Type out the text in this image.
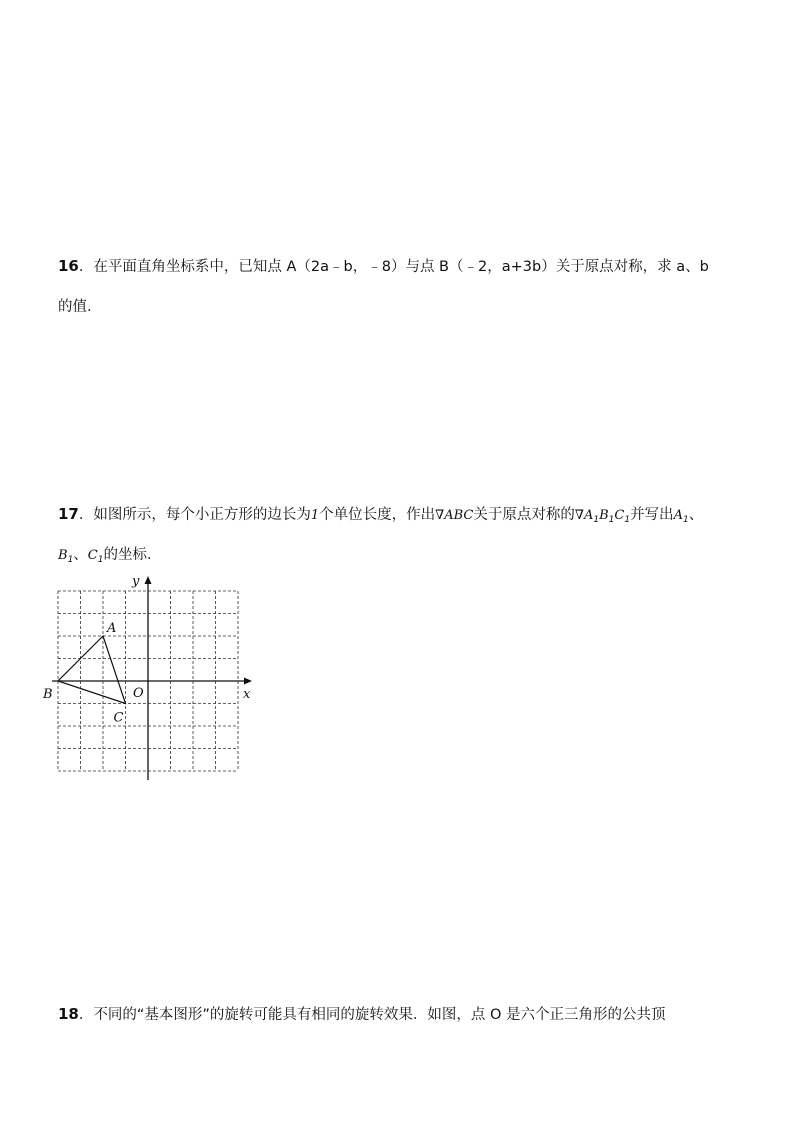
16．在平面直角坐标系中，已知点 A（2a﹣b，﹣8）与点 B（﹣2，a+3b）关于原点对称，求 a、b
的值．
17．如图所示，每个小正方形的边长为1个单位长度，作出∇ABC关于原点对称的$\nabla A_1B_1C_1$并写出$A_1$、
$B_1$、$C_1$的坐标．
A
B
C
x
y
O
18．不同的“基本图形”的旋转可能具有相同的旋转效果．如图，点 O 是六个正三角形的公共顶
